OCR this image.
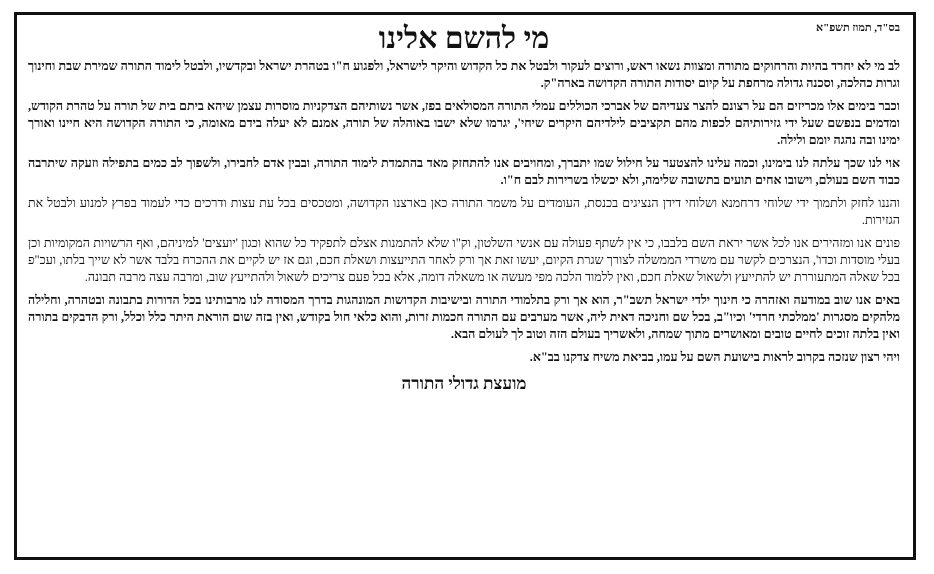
בס"ד, תמוז תשפ"א
מי להשם אלינו

לב מי לא יחרד בהיות והרחוקים מתורה ומצוות נשאו ראש, ורוצים לעקור ולבטל את כל הקדוש והיקר לישראל, ולפגוע ח"ו בטהרת ישראל ובקדשיו, ולבטל לימוד התורה שמירת שבת וחינוך וגרות כהלכה, וסכנה גדולה מרחפת על קיום יסודות התורה הקדושה בארה"ק.

וכבר בימים אלו מכריזים הם על רצונם להצר צעדיהם של אברכי הכוללים עמלי התורה המסולאים בפז, אשר נשותיהם הצדקניות מוסרות עצמן שיהא ביתם בית של תורה על טהרת הקודש, ומדמים בנפשם שעל ידי גזירותיהם לכפות מהם תקציבים לילדיהם היקרים שיחי', יגרמו שלא ישבו באוהלה של תורה, אמנם לא יעלה בידם מאומה, כי התורה הקדושה היא חיינו ואורך ימינו ובה נהגה יומם ולילה.

אוי לנו שכך עלתה לנו בימינו, וכמה עלינו להצטער על חילול שמו יתברך, ומחויבים אנו להתחזק מאד בהתמדת לימוד התורה, ובבין אדם לחבירו, ולשפוך לב כמים בתפילה וזעקה שיתרבה כבוד השם בעולם, וישובו אחים תועים בתשובה שלימה, ולא יכשלו בשרירות לבם ח"ו.

והננו לחזק ולתמוך ידי שלוחי דרחמנא ושלוחי דידן הנציגים בכנסת, העומדים על משמר התורה כאן בארצנו הקדושה, ומטכסים בכל עת עצות ודרכים כדי לעמוד בפרץ למנוע ולבטל את הגזירות.

פונים אנו ומזהירים אנו לכל אשר יראת השם בלבבו, כי אין לשתף פעולה עם אנשי השלטון, וק"ו שלא להתמנות אצלם לתפקיד כל שהוא וכגון 'יועצים' למיניהם, ואף הרשויות המקומיות וכן בעלי מוסדות וכדו', הנצרכים לקשר עם משרדי הממשלה לצורך שגרת הקיום, יעשו זאת אך ורק לאחר התייעצות ושאלת חכם, וגם אז יש לקיים את ההכרח בלבד אשר לא שייך בלתו, ועכ"פ בכל שאלה המתעוררת יש להתייעץ ולשאול שאלת חכם, ואין ללמוד הלכה מפי מעשה או משאלה דומה, אלא בכל פעם צריכים לשאול ולהתייעץ שוב, ומרבה עצה מרבה תבונה.

באים אנו שוב במודעה ואזהרה כי חינוך ילדי ישראל תשב"ר, הוא אך ורק בתלמודי התורה ובישיבות הקדושות המונהגות בדרך המסודה לנו מרבותינו בכל הדורות בתבונה ובטהרה, וחלילה מלהקים מסגרות 'ממלכתי חרדי' וכיו"ב, בכל שם וחניכה דאית ליה, אשר מערבים עם התורה חכמות זרות, והוא כלאי חול בקודש, ואין בזה שום הוראת היתר כלל וכלל, ורק הדבקים בתורה ואין בלתה זוכים לחיים טובים ומאושרים מתוך שמחה, ולאשריך בעולם הזה וטוב לך לעולם הבא.

ויהי רצון שנזכה בקרוב לראות בישועת השם על עמו, בביאת משיח צדקנו בב"א.

מועצת גדולי התורה
